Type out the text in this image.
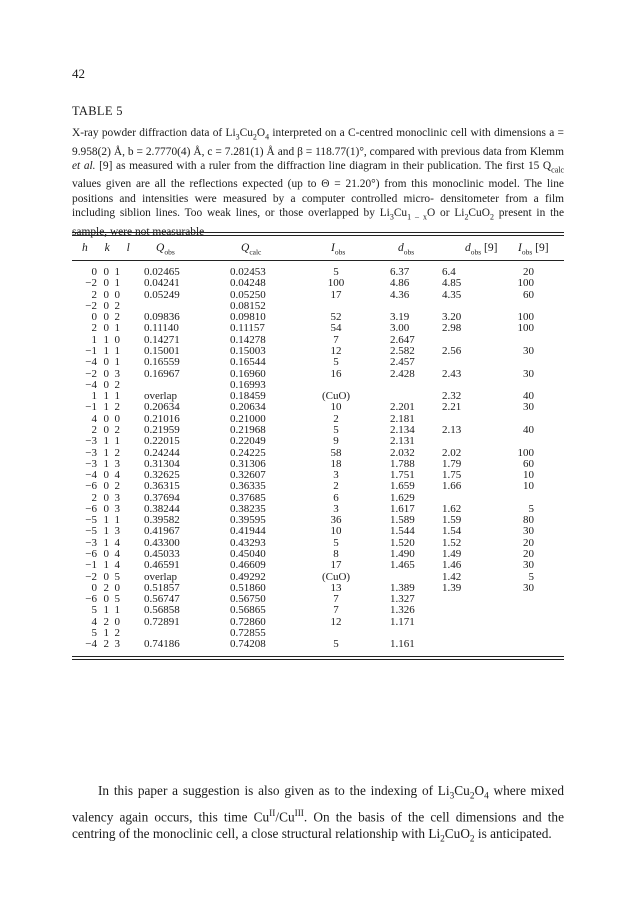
42
TABLE 5
X-ray powder diffraction data of $Li_3Cu_2O_4$ interpreted on a C-centred monoclinic cell with dimensions a = 9.958(2) Å, b = 2.7770(4) Å, c = 7.281(1) Å and β = 118.77(1)°, compared with previous data from Klemm et al. [9] as measured with a ruler from the diffraction line diagram in their publication. The first 15 $Q_{calc}$ values given are all the reflections expected (up to Θ = 21.20°) from this monoclinic model. The line positions and intensities were measured by a computer controlled micro- densitometer from a film including siblion lines. Too weak lines, or those overlapped by $Li_3Cu_{1 - x}O$ or $Li_2CuO_2$ present in the sample, were not measurable
h k l $Q_{obs}$	$Q_{calc}$	$I_{obs}$	$d_{obs}$	$d_{obs}$ [9] $I_{obs}$ [9]
0	0	1	0.02465	0.02453	5	6.37	6.4	20
−2	0	1	0.04241	0.04248	100	4.86	4.85	100
2	0	0	0.05249	0.05250	17	4.36	4.35	60
−2	0	2		0.08152				
0	0	2	0.09836	0.09810	52	3.19	3.20	100
2	0	1	0.11140	0.11157	54	3.00	2.98	100
1	1	0	0.14271	0.14278	7	2.647		
−1	1	1	0.15001	0.15003	12	2.582	2.56	30
−4	0	1	0.16559	0.16544	5	2.457		
−2	0	3	0.16967	0.16960	16	2.428	2.43	30
−4	0	2		0.16993				
1	1	1	overlap	0.18459	(CuO)		2.32	40
−1	1	2	0.20634	0.20634	10	2.201	2.21	30
4	0	0	0.21016	0.21000	2	2.181		
2	0	2	0.21959	0.21968	5	2.134	2.13	40
−3	1	1	0.22015	0.22049	9	2.131		
−3	1	2	0.24244	0.24225	58	2.032	2.02	100
−3	1	3	0.31304	0.31306	18	1.788	1.79	60
−4	0	4	0.32625	0.32607	3	1.751	1.75	10
−6	0	2	0.36315	0.36335	2	1.659	1.66	10
2	0	3	0.37694	0.37685	6	1.629		
−6	0	3	0.38244	0.38235	3	1.617	1.62	5
−5	1	1	0.39582	0.39595	36	1.589	1.59	80
−5	1	3	0.41967	0.41944	10	1.544	1.54	30
−3	1	4	0.43300	0.43293	5	1.520	1.52	20
−6	0	4	0.45033	0.45040	8	1.490	1.49	20
−1	1	4	0.46591	0.46609	17	1.465	1.46	30
−2	0	5	overlap	0.49292	(CuO)		1.42	5
0	2	0	0.51857	0.51860	13	1.389	1.39	30
−6	0	5	0.56747	0.56750	7	1.327		
5	1	1	0.56858	0.56865	7	1.326		
4	2	0	0.72891	0.72860	12	1.171		
5	1	2		0.72855				
−4	2	3	0.74186	0.74208	5	1.161		

In this paper a suggestion is also given as to the indexing of $Li_3Cu_2O_4$ where mixed valency again occurs, this time $Cu^{II}/Cu^{III}$. On the basis of the cell dimensions and the centring of the monoclinic cell, a close structural relationship with $Li_2CuO_2$ is anticipated.
